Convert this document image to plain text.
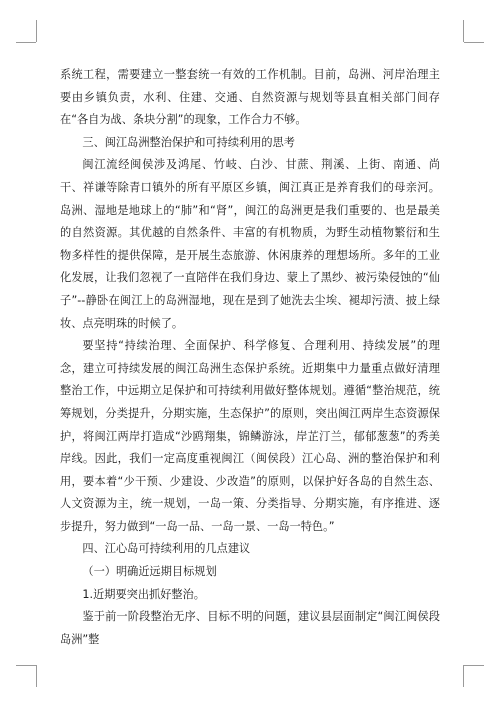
系统工程，需要建立一整套统一有效的工作机制。目前，岛洲、河岸治理主要由乡镇负责，水利、住建、交通、自然资源与规划等县直相关部门间存在“各自为战、条块分割”的现象，工作合力不够。

三、闽江岛洲整治保护和可持续利用的思考

闽江流经闽侯涉及鸿尾、竹岐、白沙、甘蔗、荆溪、上街、南通、尚干、祥谦等除青口镇外的所有平原区乡镇，闽江真正是养育我们的母亲河。岛洲、湿地是地球上的“肺”和“肾”，闽江的岛洲更是我们重要的、也是最美的自然资源。其优越的自然条件、丰富的有机物质，为野生动植物繁衍和生物多样性的提供保障，是开展生态旅游、休闲康养的理想场所。多年的工业化发展，让我们忽视了一直陪伴在我们身边、蒙上了黑纱、被污染侵蚀的“仙子”--静卧在闽江上的岛洲湿地，现在是到了她洗去尘埃、褪却污渍、披上绿妆、点亮明珠的时候了。

要坚持“持续治理、全面保护、科学修复、合理利用、持续发展”的理念，建立可持续发展的闽江岛洲生态保护系统。近期集中力量重点做好清理整治工作，中远期立足保护和可持续利用做好整体规划。遵循“整治规范，统筹规划，分类提升，分期实施，生态保护”的原则，突出闽江两岸生态资源保护，将闽江两岸打造成“沙鸥翔集，锦鳞游泳，岸芷汀兰，郁郁葱葱”的秀美岸线。因此，我们一定高度重视闽江（闽侯段）江心岛、洲的整治保护和利用，要本着“少干预、少建设、少改造”的原则，以保护好各岛的自然生态、人文资源为主，统一规划，一岛一策、分类指导、分期实施，有序推进、逐步提升，努力做到“一岛一品、一岛一景、一岛一特色。”

四、江心岛可持续利用的几点建议

（一）明确近远期目标规划

1.近期要突出抓好整治。

鉴于前一阶段整治无序、目标不明的问题，建议县层面制定“闽江闽侯段岛洲”整
